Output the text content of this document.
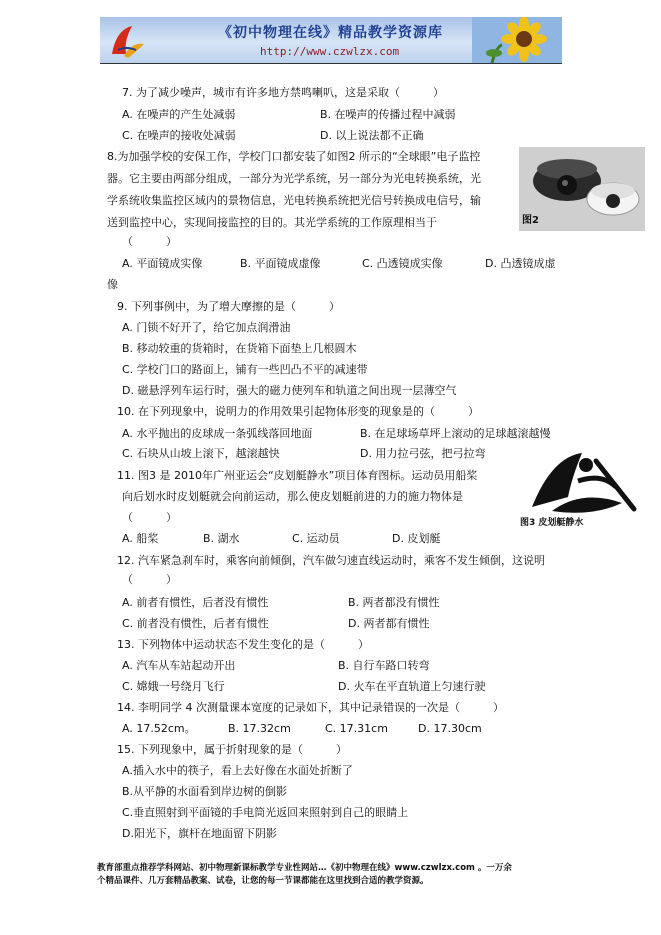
《初中物理在线》精品教学资源库
http://www.czwlzx.com
7. 为了减少噪声，城市有许多地方禁鸣喇叭，这是采取（　　　）
A. 在噪声的产生处减弱	B. 在噪声的传播过程中减弱
C. 在噪声的接收处减弱	D. 以上说法都不正确
8.为加强学校的安保工作，学校门口都安装了如图2 所示的“全球眼”电子监控
器。它主要由两部分组成，一部分为光学系统，另一部分为光电转换系统，光
学系统收集监控区域内的景物信息，光电转换系统把光信号转换成电信号，输
送到监控中心，实现间接监控的目的。其光学系统的工作原理相当于
（　　　）
A. 平面镜成实像	B. 平面镜成虚像	C. 凸透镜成实像	D. 凸透镜成虚
像
图2
9. 下列事例中，为了增大摩擦的是（　　　）
A. 门锁不好开了，给它加点润滑油
B. 移动较重的货箱时，在货箱下面垫上几根圆木
C. 学校门口的路面上，铺有一些凹凸不平的减速带
D. 磁悬浮列车运行时，强大的磁力使列车和轨道之间出现一层薄空气
10. 在下列现象中，说明力的作用效果引起物体形变的现象是的（　　　）
A. 水平抛出的皮球成一条弧线落回地面	B. 在足球场草坪上滚动的足球越滚越慢
C. 石块从山坡上滚下，越滚越快	D. 用力拉弓弦，把弓拉弯
11. 图3 是 2010年广州亚运会“皮划艇静水”项目体育图标。运动员用船桨
向后划水时皮划艇就会向前运动，那么使皮划艇前进的力的施力物体是
（　　　）
A. 船桨	B. 湖水	C. 运动员	D. 皮划艇
图3 皮划艇静水
12. 汽车紧急刹车时，乘客向前倾倒，汽车做匀速直线运动时，乘客不发生倾倒，这说明
（　　　）
A. 前者有惯性，后者没有惯性	B. 两者都没有惯性
C. 前者没有惯性，后者有惯性	D. 两者都有惯性
13. 下列物体中运动状态不发生变化的是（　　　）
A. 汽车从车站起动开出	B. 自行车路口转弯
C. 嫦娥一号绕月飞行	D. 火车在平直轨道上匀速行驶
14. 李明同学 4 次测量课本宽度的记录如下，其中记录错误的一次是（　　　）
A. 17.52cm。	B. 17.32cm	C. 17.31cm	D. 17.30cm
15. 下列现象中，属于折射现象的是（　　　）
A.插入水中的筷子，看上去好像在水面处折断了
B.从平静的水面看到岸边树的倒影
C.垂直照射到平面镜的手电筒光返回来照射到自己的眼睛上
D.阳光下，旗杆在地面留下阴影
教育部重点推荐学科网站、初中物理新课标教学专业性网站…《初中物理在线》www.czwlzx.com 。一万余
个精品课件、几万套精品教案、试卷，让您的每一节课都能在这里找到合适的教学资源。
